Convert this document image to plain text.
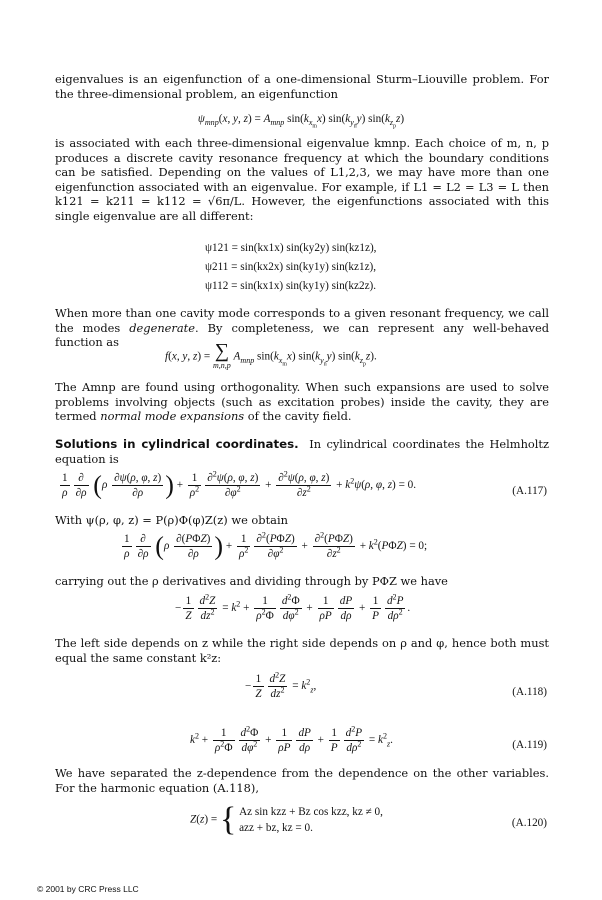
eigenvalues is an eigenfunction of a one-dimensional Sturm–Liouville problem. For the three-dimensional problem, an eigenfunction
$\psi_{mnp}(x$, y, $z) = A_{mnp}$ $\sin(k_{x_m}x)$ $\sin(k_{y_n}y)$ $\sin(k_{z_p}z)$
is associated with each three-dimensional eigenvalue kmnp. Each choice of m, n, p produces a discrete cavity resonance frequency at which the boundary conditions can be satisfied. Depending on the values of L1,2,3, we may have more than one eigenfunction associated with an eigenvalue. For example, if L1 = L2 = L3 = L then k121 = k211 = k112 = √6π/L. However, the eigenfunctions associated with this single eigenvalue are all different:
ψ121 = sin(kx1x) sin(ky2y) sin(kz1z),
ψ211 = sin(kx2x) sin(ky1y) sin(kz1z),
ψ112 = sin(kx1x) sin(ky1y) sin(kz2z).
When more than one cavity mode corresponds to a given resonant frequency, we call the modes degenerate. By completeness, we can represent any well-behaved function as
f(x, y, z) = ∑
m,n,p
$A_{mnp}$ $\sin(k_{x_m}x)$ $\sin(k_{y_n}y)$ $\sin(k_{z_p}z)$.
The Amnp are found using orthogonality. When such expansions are used to solve problems involving objects (such as excitation probes) inside the cavity, they are termed normal mode expansions of the cavity field.
Solutions in cylindrical coordinates. In cylindrical coordinates the Helmholtz equation is
$\frac{1}{\rho} \frac{\partial}{\partial\rho} (\rho \frac{\partial\psi(\rho, \varphi, z)}{\partial\rho}$ ) + $\frac{1}{\rho^2} \frac{\partial^2\psi(\rho, \varphi, z)}{\partial\varphi^2} + \frac{\partial^2\psi(\rho, \varphi, z)}{\partial z^2} + k^2\psi(\rho$, φ, z) = 0.	(A.117)
With ψ(ρ, φ, z) = P(ρ)Φ(φ)Z(z) we obtain
$\frac{1}{\rho} \frac{\partial}{\partial\rho} (\rho \frac{\text{∂(PΦZ)}}{\partial\rho}$ ) + $\frac{1}{\rho^2} \frac{\partial^2(P\Phi Z)}{\partial\varphi^2} + \frac{\partial^2(P\Phi Z)}{\partial z^2} + k^2(P\Phi Z) = 0$;
carrying out the ρ derivatives and dividing through by PΦZ we have
− $\frac{1}{Z} \frac{d^2Z}{dz^2} = k^2 + \frac{1}{\rho^2\Phi} \frac{d^2\Phi}{d\varphi^2} + \frac{1}{\rho P} \frac{dP}{d\rho} + \frac{1}{P} \frac{d^2P}{d\rho^2}$ .
The left side depends on z while the right side depends on ρ and φ, hence both must equal the same constant k²z:
− $\frac{1}{Z} \frac{d^2Z}{dz^2} = k^2_z$,	(A.118)
$k^2 + \frac{1}{\rho^2\Phi} \frac{d^2\Phi}{d\varphi^2} + \frac{1}{\rho P} \frac{dP}{d\rho} + \frac{1}{P} \frac{d^2P}{d\rho^2} = k^2_z$.	(A.119)
We have separated the z-dependence from the dependence on the other variables. For the harmonic equation (A.118),
Z(z) = { Az sin kzz + Bz cos kzz, kz ≠ 0,
azz + bz, kz = 0.	(A.120)
© 2001 by CRC Press LLC
